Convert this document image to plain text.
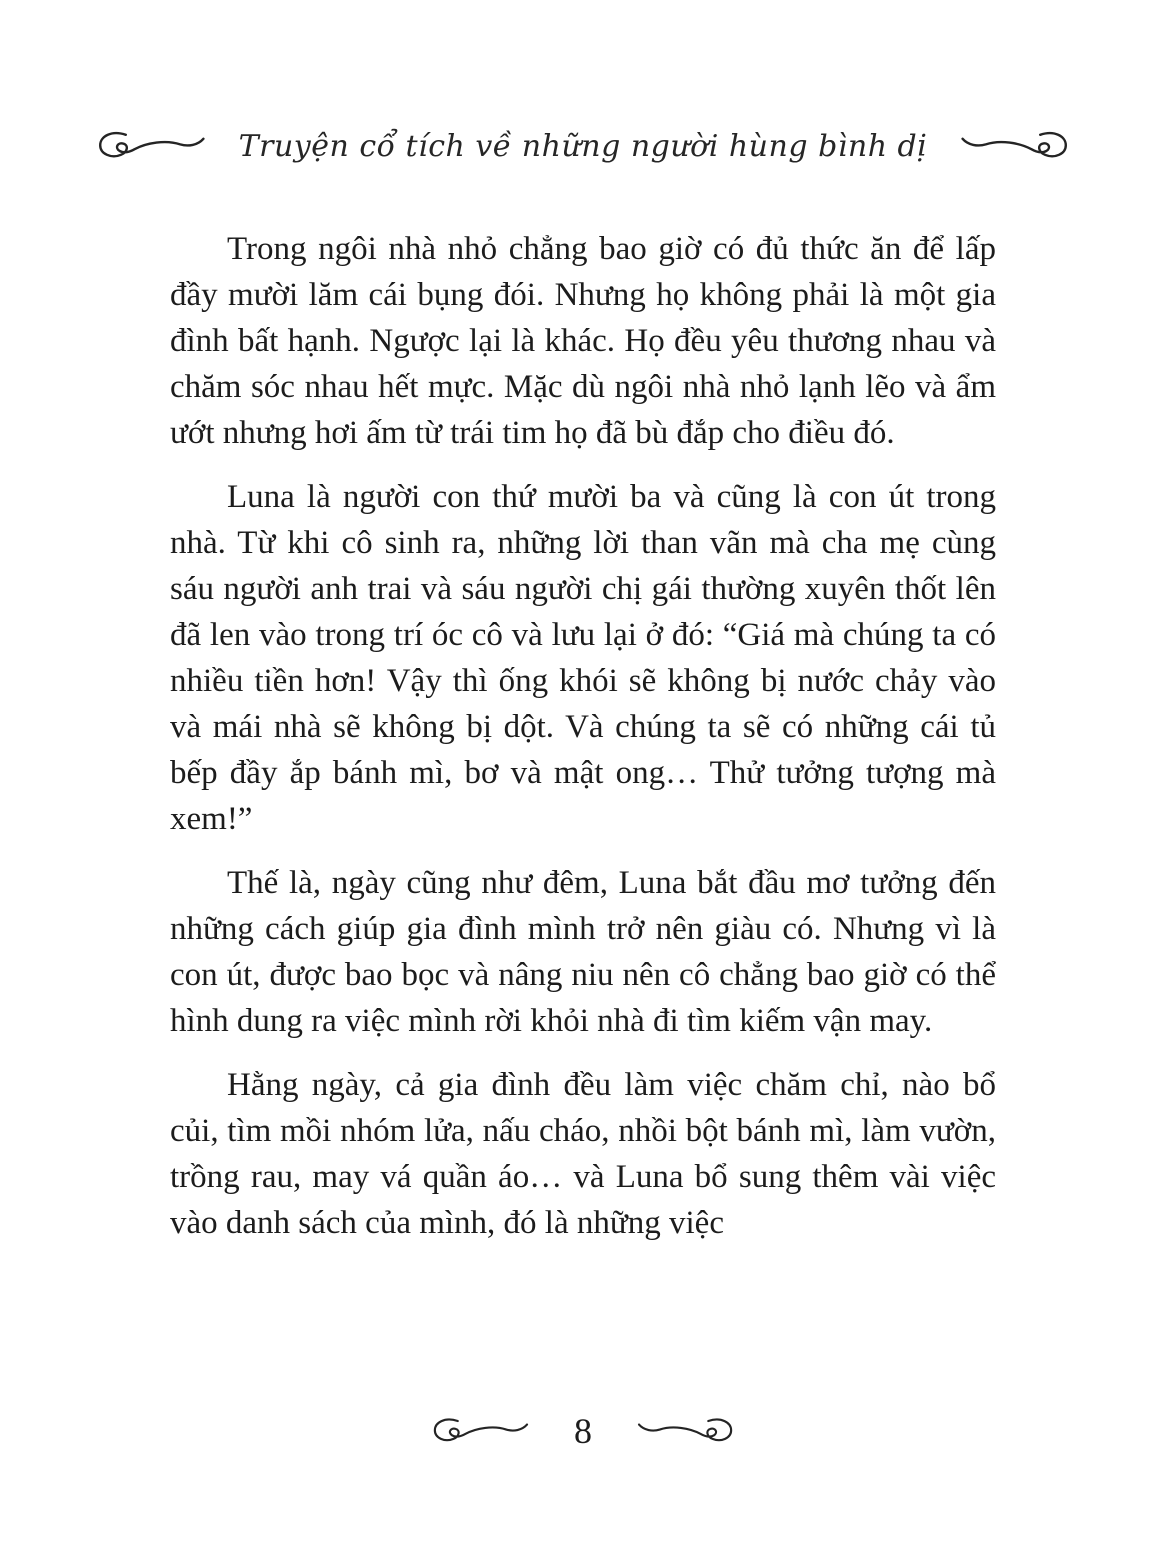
Truyện cổ tích về những người hùng bình dị

Trong ngôi nhà nhỏ chẳng bao giờ có đủ thức ăn để lấp đầy mười lăm cái bụng đói. Nhưng họ không phải là một gia đình bất hạnh. Ngược lại là khác. Họ đều yêu thương nhau và chăm sóc nhau hết mực. Mặc dù ngôi nhà nhỏ lạnh lẽo và ẩm ướt nhưng hơi ấm từ trái tim họ đã bù đắp cho điều đó.

Luna là người con thứ mười ba và cũng là con út trong nhà. Từ khi cô sinh ra, những lời than vãn mà cha mẹ cùng sáu người anh trai và sáu người chị gái thường xuyên thốt lên đã len vào trong trí óc cô và lưu lại ở đó: “Giá mà chúng ta có nhiều tiền hơn! Vậy thì ống khói sẽ không bị nước chảy vào và mái nhà sẽ không bị dột. Và chúng ta sẽ có những cái tủ bếp đầy ắp bánh mì, bơ và mật ong… Thử tưởng tượng mà xem!”

Thế là, ngày cũng như đêm, Luna bắt đầu mơ tưởng đến những cách giúp gia đình mình trở nên giàu có. Nhưng vì là con út, được bao bọc và nâng niu nên cô chẳng bao giờ có thể hình dung ra việc mình rời khỏi nhà đi tìm kiếm vận may.

Hằng ngày, cả gia đình đều làm việc chăm chỉ, nào bổ củi, tìm mồi nhóm lửa, nấu cháo, nhồi bột bánh mì, làm vườn, trồng rau, may vá quần áo… và Luna bổ sung thêm vài việc vào danh sách của mình, đó là những việc

8
